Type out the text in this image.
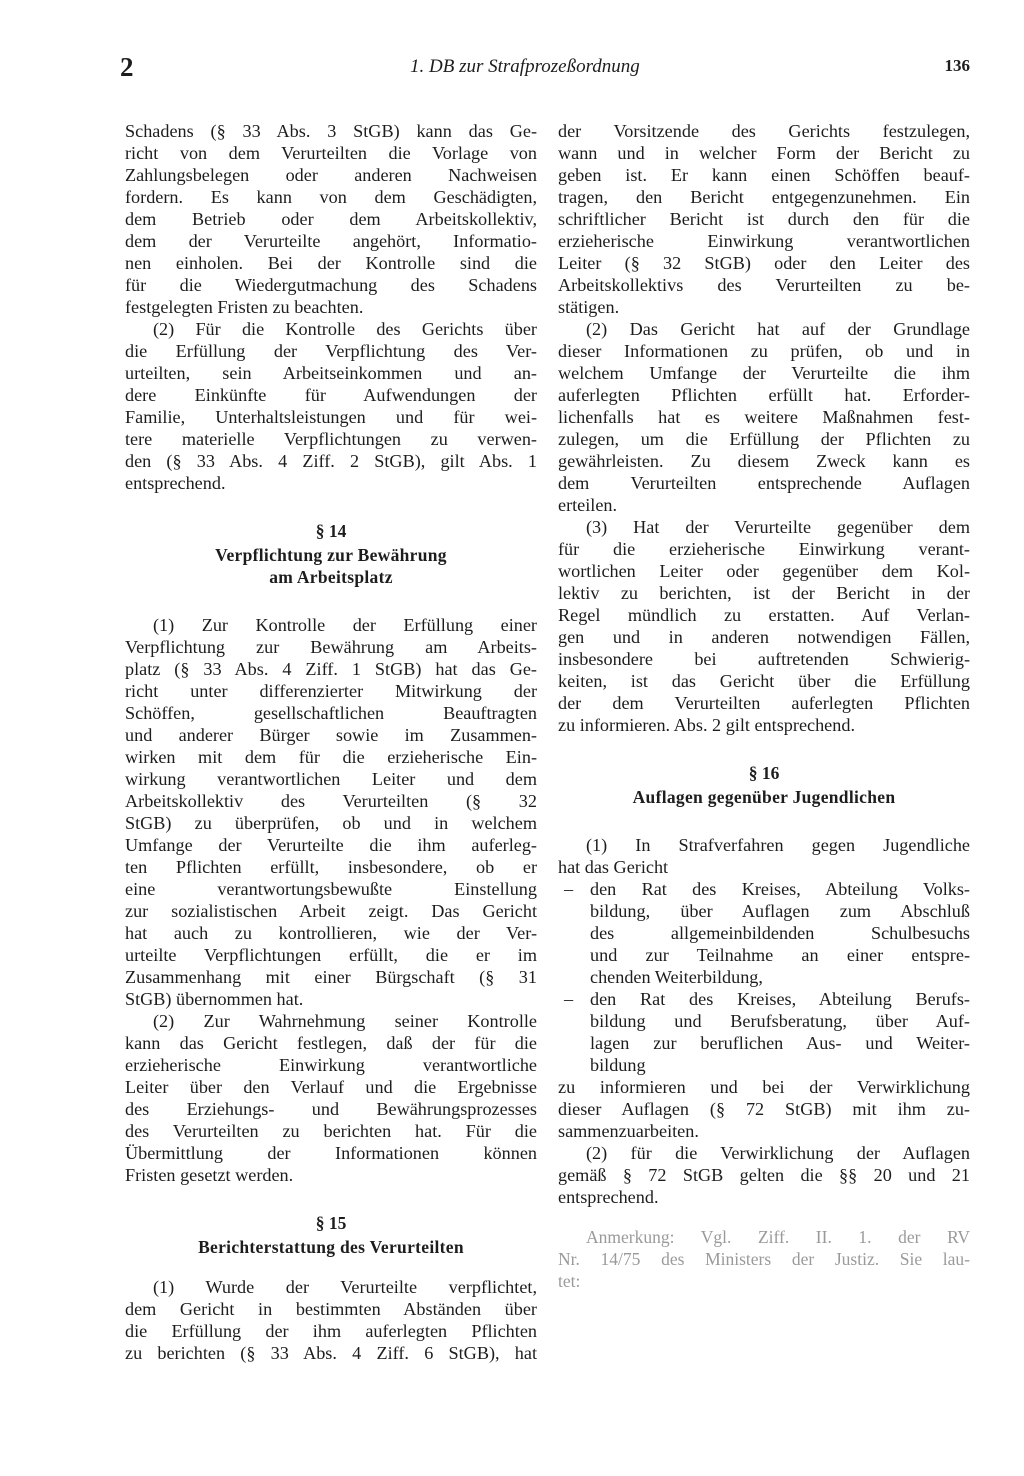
2	1. DB zur Strafprozeßordnung	136
Schadens (§ 33 Abs. 3 StGB) kann das Ge-
richt von dem Verurteilten die Vorlage von
Zahlungsbelegen oder anderen Nachweisen
fordern. Es kann von dem Geschädigten,
dem Betrieb oder dem Arbeitskollektiv,
dem der Verurteilte angehört, Informatio-
nen einholen. Bei der Kontrolle sind die
für die Wiedergutmachung des Schadens
festgelegten Fristen zu beachten.
(2) Für die Kontrolle des Gerichts über
die Erfüllung der Verpflichtung des Ver-
urteilten, sein Arbeitseinkommen und an-
dere Einkünfte für Aufwendungen der
Familie, Unterhaltsleistungen und für wei-
tere materielle Verpflichtungen zu verwen-
den (§ 33 Abs. 4 Ziff. 2 StGB), gilt Abs. 1
entsprechend.
§ 14
Verpflichtung zur Bewährung
am Arbeitsplatz
(1) Zur Kontrolle der Erfüllung einer
Verpflichtung zur Bewährung am Arbeits-
platz (§ 33 Abs. 4 Ziff. 1 StGB) hat das Ge-
richt unter differenzierter Mitwirkung der
Schöffen, gesellschaftlichen Beauftragten
und anderer Bürger sowie im Zusammen-
wirken mit dem für die erzieherische Ein-
wirkung verantwortlichen Leiter und dem
Arbeitskollektiv des Verurteilten (§ 32
StGB) zu überprüfen, ob und in welchem
Umfange der Verurteilte die ihm auferleg-
ten Pflichten erfüllt, insbesondere, ob er
eine verantwortungsbewußte Einstellung
zur sozialistischen Arbeit zeigt. Das Gericht
hat auch zu kontrollieren, wie der Ver-
urteilte Verpflichtungen erfüllt, die er im
Zusammenhang mit einer Bürgschaft (§ 31
StGB) übernommen hat.
(2) Zur Wahrnehmung seiner Kontrolle
kann das Gericht festlegen, daß der für die
erzieherische Einwirkung verantwortliche
Leiter über den Verlauf und die Ergebnisse
des Erziehungs- und Bewährungsprozesses
des Verurteilten zu berichten hat. Für die
Übermittlung der Informationen können
Fristen gesetzt werden.
§ 15
Berichterstattung des Verurteilten
(1) Wurde der Verurteilte verpflichtet,
dem Gericht in bestimmten Abständen über
die Erfüllung der ihm auferlegten Pflichten
zu berichten (§ 33 Abs. 4 Ziff. 6 StGB), hat
der Vorsitzende des Gerichts festzulegen,
wann und in welcher Form der Bericht zu
geben ist. Er kann einen Schöffen beauf-
tragen, den Bericht entgegenzunehmen. Ein
schriftlicher Bericht ist durch den für die
erzieherische Einwirkung verantwortlichen
Leiter (§ 32 StGB) oder den Leiter des
Arbeitskollektivs des Verurteilten zu be-
stätigen.
(2) Das Gericht hat auf der Grundlage
dieser Informationen zu prüfen, ob und in
welchem Umfange der Verurteilte die ihm
auferlegten Pflichten erfüllt hat. Erforder-
lichenfalls hat es weitere Maßnahmen fest-
zulegen, um die Erfüllung der Pflichten zu
gewährleisten. Zu diesem Zweck kann es
dem Verurteilten entsprechende Auflagen
erteilen.
(3) Hat der Verurteilte gegenüber dem
für die erzieherische Einwirkung verant-
wortlichen Leiter oder gegenüber dem Kol-
lektiv zu berichten, ist der Bericht in der
Regel mündlich zu erstatten. Auf Verlan-
gen und in anderen notwendigen Fällen,
insbesondere bei auftretenden Schwierig-
keiten, ist das Gericht über die Erfüllung
der dem Verurteilten auferlegten Pflichten
zu informieren. Abs. 2 gilt entsprechend.
§ 16
Auflagen gegenüber Jugendlichen
(1) In Strafverfahren gegen Jugendliche
hat das Gericht
– den Rat des Kreises, Abteilung Volks-
bildung, über Auflagen zum Abschluß
des allgemeinbildenden Schulbesuchs
und zur Teilnahme an einer entspre-
chenden Weiterbildung,
– den Rat des Kreises, Abteilung Berufs-
bildung und Berufsberatung, über Auf-
lagen zur beruflichen Aus- und Weiter-
bildung
zu informieren und bei der Verwirklichung
dieser Auflagen (§ 72 StGB) mit ihm zu-
sammenzuarbeiten.
(2) für die Verwirklichung der Auflagen
gemäß § 72 StGB gelten die §§ 20 und 21
entsprechend.
Anmerkung: Vgl. Ziff. II. 1. der RV
Nr. 14/75 des Ministers der Justiz. Sie lau-
tet:
